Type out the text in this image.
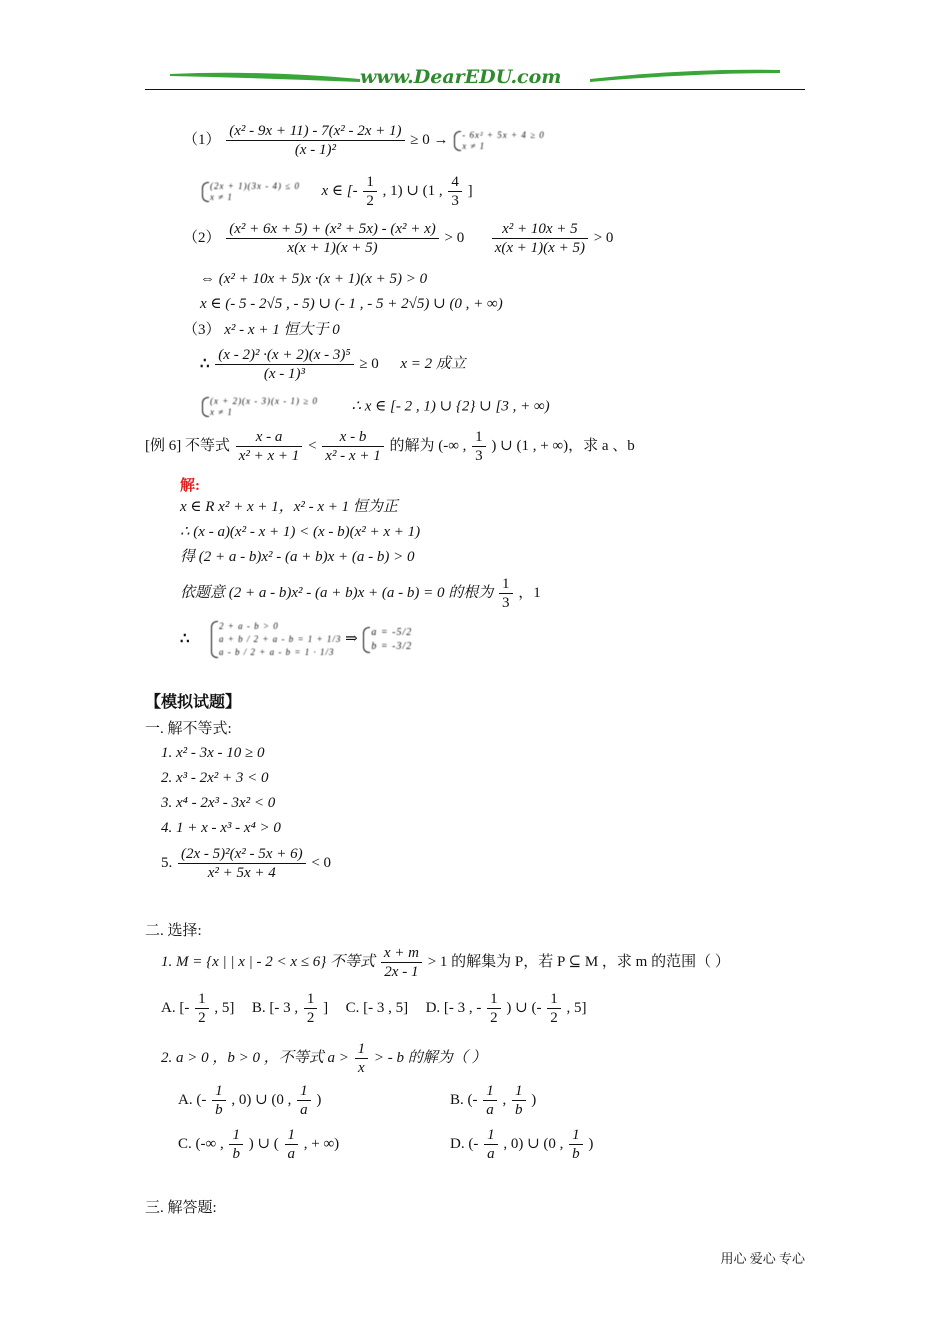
www.DearEDU.com
$(1) \frac{\text{(x² - 9x + 11) - 7(x² - 2x + 1)}}{\text{(x - 1)²}} \ge 0$ → - 6x² + 5x + 4 ≥ 0
x ≠ 1
(2x + 1)(3x - 4) ≤ 0
x ≠ 1	x ∈ [- $\frac{1}{2}$ , 1) ∪ (1 , $\frac{4}{3}$ ]
$(2) \frac{\text{(x² + 6x + 5) + (x² + 5x) - (x² + x)}}{x(x + 1)(x + 5)} > 0 \frac{\text{x² + 10x + 5}}{x(x + 1)(x + 5)} > 0$
⇔ (x² + 10x + 5)x ·(x + 1)(x + 5) > 0
x ∈ (- 5 - 2√5 , - 5) ∪ (- 1 , - 5 + 2√5) ∪ (0 , + ∞)
（3） x² - x + 1 恒大于 0
∴ $\frac{\text{(x - 2)² ·(x + 2)(x - 3)⁵}}{\text{(x - 1)³}} \ge 0$ x = 2 成立
(x + 2)(x - 3)(x - 1) ≥ 0
x ≠ 1	∴ x ∈ [- 2 , 1) ∪ {2} ∪ [3 , + ∞)
[例 6] 不等式 $\frac{x - a}{\text{x² + x + 1}} < \frac{x - b}{\text{x² - x + 1}}$ 的解为 (-∞ , $\frac{1}{3}$ ) ∪ (1 , + ∞)，求 a 、b
解:
x ∈ R x² + x + 1，x² - x + 1 恒为正
∴ (x - a)(x² - x + 1) < (x - b)(x² + x + 1)
得 (2 + a - b)x² - (a + b)x + (a - b) > 0
依题意 (2 + a - b)x² - (a + b)x + (a - b) = 0 的根为 $\frac{1}{3}$ ，1
∴
2 + a - b > 0
a + b / 2 + a - b = 1 + 1/3
a - b / 2 + a - b = 1 · 1/3
⇒ a = -5/2
b = -3/2
【模拟试题】
一. 解不等式:
1. x² - 3x - 10 ≥ 0
2. x³ - 2x² + 3 < 0
3. x⁴ - 2x³ - 3x² < 0
4. 1 + x - x³ - x⁴ > 0
5. $\frac{\text{(2x - 5)²(x² - 5x + 6)}}{\text{x² + 5x + 4}} < 0$
二. 选择:
1. M = {x | | x | - 2 < x ≤ 6} 不等式 $\frac{x + m}{2x - 1} > 1$ 的解集为 P，若 P ⊆ M ，求 m 的范围（ ）
A. [- $\frac{1}{2}$ , 5] B. [- 3 , $\frac{1}{2}$ ] C. [- 3 , 5] D. [- 3 , - $\frac{1}{2}$ ) ∪ (- $\frac{1}{2}$ , 5]
2. a > 0 ，b > 0 ，不等式 $a > \frac{1}{x}$ > - b 的解为（ ）
A. (- $\frac{1}{b}$ , 0) ∪ (0 , $\frac{1}{a}$ )	B. (- $\frac{1}{a}$ , $\frac{1}{b}$ )
C. (-∞ , $\frac{1}{b}$ ) ∪ ( $\frac{1}{a}$ , + ∞)	D. (- $\frac{1}{a}$ , 0) ∪ (0 , $\frac{1}{b}$ )
三. 解答题:
用心 爱心 专心
